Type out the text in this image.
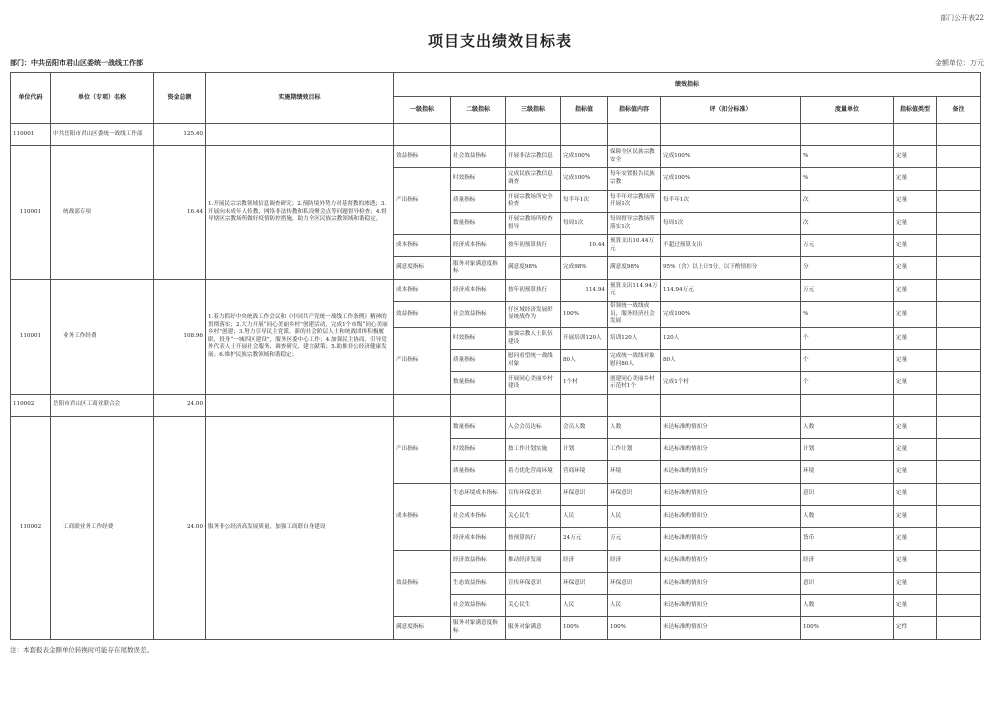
部门公开表22
项目支出绩效目标表
部门：中共岳阳市君山区委统一战线工作部	金额单位：万元
单位代码	单位（专项）名称	资金总额	实施期绩效目标	绩效指标								
				一级指标	二级指标	三级指标	指标值	指标值内容	评（扣分标准）	度量单位	指标值类型	备注
110001	中共岳阳市君山区委统一战线工作部	125.40										
110001	统战部专项	16.44	1.开展民宗宗教领域信息调查研究；2.预防境外势力对基督教的渗透；3.开展向未成年人传教、网络非法传教和私设聚会点等问题督导检查；4.督导辖区宗教场所做好疫情防控措施，助力全区民族宗教领域和谐稳定。	效益指标	社会效益指标	开展非法宗教信息	完成100%	保障全区民族宗教安全	完成100%	%	定量	
				产出指标	时效指标	完成民族宗教信息调查	完成100%	每年安置报告民族宗教	完成100%	%	定量	
					质量指标	开展宗教场所安全检查	每半年1次	每半年对宗教场所开展1次	每半年1次	次	定量	
					数量指标	开展宗教场所检查督导	每周1次	每周督导宗教场所落实1次	每周1次	次	定量	
				成本指标	经济成本指标	按年初预算执行	10.44	预算支出10.44万元	不超过预算支出	万元	定量	
				满意度指标	服务对象满意度指标	满意度98%	完成98%	满意度98%	95%（含）以上计5分，以下酌情扣分	分	定量	
110001	业务工作经费	108.96	1.着力抓好中央统战工作会议和《中国共产党统一战线工作条例》精神的贯彻落实；2.大力开展“同心美丽乡村”创建活动，完成1个市级“同心美丽乡村”创建；3.努力引导民主党派、新的社会阶层人士和统战团体积极履职，投身“一城四区建设”，服务区委中心工作；4.加强民主协商，引导党外代表人士开展社会服务、调查研究、建言献策；5.助推非公经济健康发展；6.维护民族宗教领域和谐稳定；	成本指标	经济成本指标	按年初预算执行	114.94	预算支出114.94万元	114.94万元	万元	定量	
				效益指标	社会效益指标	仔区域经济发展彰显统战作为	100%	带领统一战线成员，服务经济社会发展	完成100%	%	定量	
				产出指标	时效指标	加强宗教人士队伍建设	开展培训120人	培训120人	120人	个	定量	
					质量指标	慰问看望统一战线对象	80人	完成统一战线对象慰问80人	80人	个	定量	
					数量指标	开展同心美丽乡村建设	1个村	创建同心美丽乡村示范村1个	完成1个村	个	定量	
110002	岳阳市君山区工商业联合会	24.00										
110002	工商联业务工作经费	24.00	服务非公经济高发展质量，加强工商联自身建设	产出指标	数量指标	入会会员达标	会员人数	人数	未达标准酌情扣分	人数	定量	
					时效指标	按工作计划实施	计划	工作计划	未达标准酌情扣分	计划	定量	
					质量指标	着力优化营商环境	营商环境	环境	未达标准酌情扣分	环境	定量	
				成本指标	生态环境成本指标	宣传环保意识	环保意识	环保意识	未达标准酌情扣分	意识	定量	
					社会成本指标	关心民生	人民	人民	未达标准酌情扣分	人数	定量	
					经济成本指标	按预算执行	24万元	万元	未达标准酌情扣分	货币	定量	
				效益指标	经济效益指标	推动经济发展	经济	经济	未达标准酌情扣分	经济	定量	
					生态效益指标	宣传环保意识	环保意识	环保意识	未达标准酌情扣分	意识	定量	
					社会效益指标	关心民生	人民	人民	未达标准酌情扣分	人数	定量	
				满意度指标	服务对象满意度指标	服务对象满意	100%	100%	未达标准酌情扣分	100%	定性	
注：本套报表金额单位转换时可能存在尾数误差。
